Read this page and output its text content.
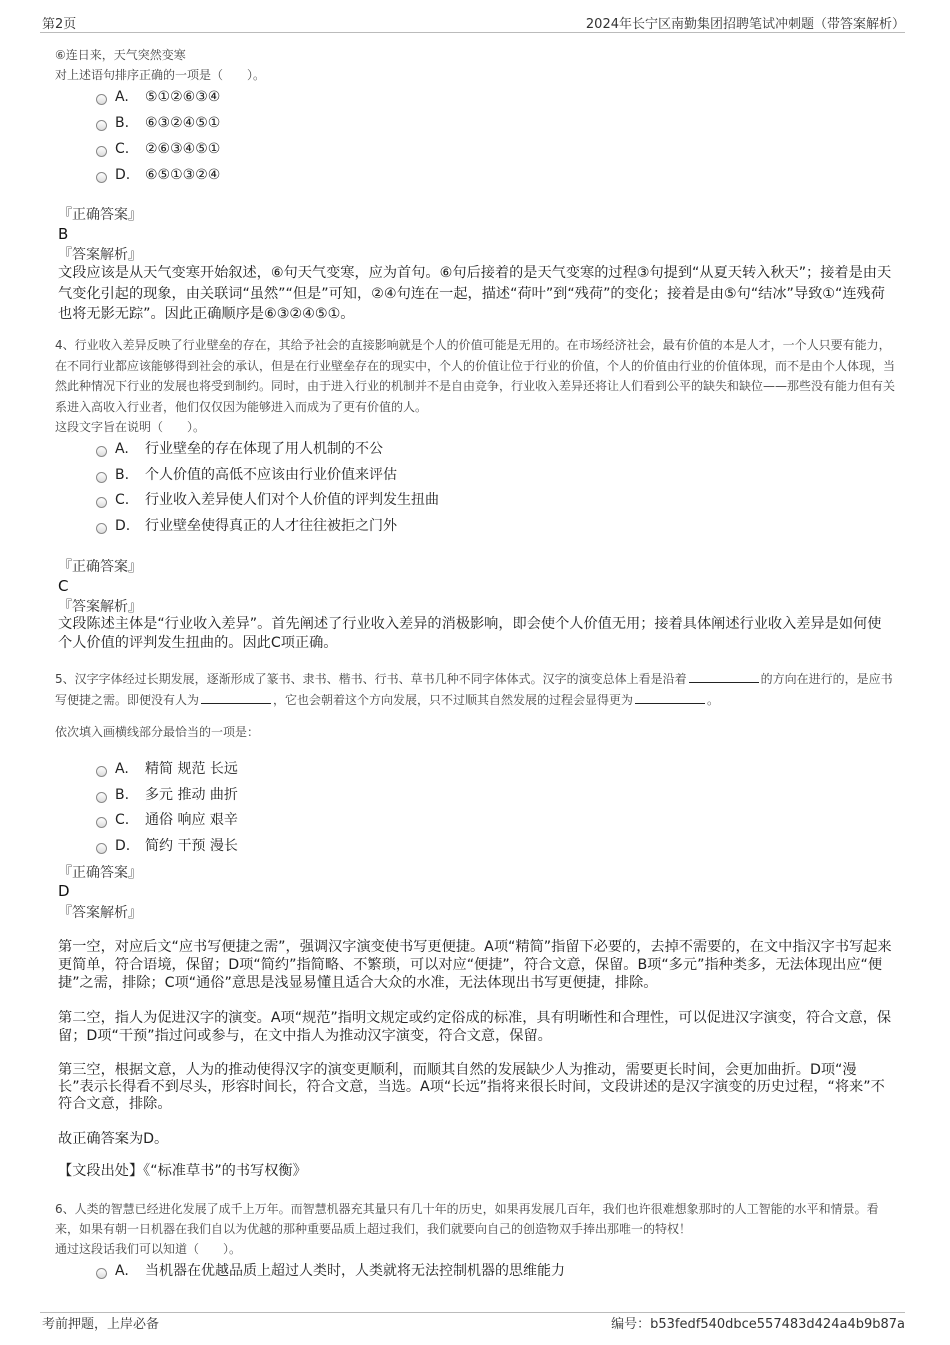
第2页	2024年长宁区南勤集团招聘笔试冲刺题（带答案解析）
⑥连日来，天气突然变寒
对上述语句排序正确的一项是（　　）。
A.	⑤①②⑥③④
B.	⑥③②④⑤①
C.	②⑥③④⑤①
D.	⑥⑤①③②④
『正确答案』
B
『答案解析』
文段应该是从天气变寒开始叙述，⑥句天气变寒，应为首句。⑥句后接着的是天气变寒的过程③句提到“从夏天转入秋天”；接着是由天气变化引起的现象，由关联词“虽然”“但是”可知，②④句连在一起，描述“荷叶”到“残荷”的变化；接着是由⑤句“结冰”导致①“连残荷也将无影无踪”。因此正确顺序是⑥③②④⑤①。
4、行业收入差异反映了行业壁垒的存在，其给予社会的直接影响就是个人的价值可能是无用的。在市场经济社会，最有价值的本是人才，一个人只要有能力，在不同行业都应该能够得到社会的承认，但是在行业壁垒存在的现实中，个人的价值让位于行业的价值，个人的价值由行业的价值体现，而不是由个人体现，当然此种情况下行业的发展也将受到制约。同时，由于进入行业的机制并不是自由竞争，行业收入差异还将让人们看到公平的缺失和缺位——那些没有能力但有关系进入高收入行业者，他们仅仅因为能够进入而成为了更有价值的人。
这段文字旨在说明（　　）。
A.	行业壁垒的存在体现了用人机制的不公
B.	个人价值的高低不应该由行业价值来评估
C.	行业收入差异使人们对个人价值的评判发生扭曲
D.	行业壁垒使得真正的人才往往被拒之门外
『正确答案』
C
『答案解析』
文段陈述主体是“行业收入差异”。首先阐述了行业收入差异的消极影响，即会使个人价值无用；接着具体阐述行业收入差异是如何使个人价值的评判发生扭曲的。因此C项正确。
5、汉字字体经过长期发展，逐渐形成了篆书、隶书、楷书、行书、草书几种不同字体体式。汉字的演变总体上看是沿着	的方向在进行的，是应书写便捷之需。即便没有人为	，它也会朝着这个方向发展，只不过顺其自然发展的过程会显得更为	。
依次填入画横线部分最恰当的一项是：
A.	精简 规范 长远
B.	多元 推动 曲折
C.	通俗 响应 艰辛
D.	简约 干预 漫长
『正确答案』
D
『答案解析』
第一空，对应后文“应书写便捷之需”，强调汉字演变使书写更便捷。A项“精简”指留下必要的，去掉不需要的，在文中指汉字书写起来更简单，符合语境，保留；D项“简约”指简略、不繁琐，可以对应“便捷”，符合文意，保留。B项“多元”指种类多，无法体现出应“便捷”之需，排除；C项“通俗”意思是浅显易懂且适合大众的水准，无法体现出书写更便捷，排除。
第二空，指人为促进汉字的演变。A项“规范”指明文规定或约定俗成的标准，具有明晰性和合理性，可以促进汉字演变，符合文意，保留；D项“干预”指过问或参与，在文中指人为推动汉字演变，符合文意，保留。
第三空，根据文意，人为的推动使得汉字的演变更顺利，而顺其自然的发展缺少人为推动，需要更长时间，会更加曲折。D项“漫长”表示长得看不到尽头，形容时间长，符合文意，当选。A项“长远”指将来很长时间，文段讲述的是汉字演变的历史过程，“将来”不符合文意，排除。
故正确答案为D。
【文段出处】《“标准草书”的书写权衡》
6、人类的智慧已经进化发展了成千上万年。而智慧机器充其量只有几十年的历史，如果再发展几百年，我们也许很难想象那时的人工智能的水平和情景。看来，如果有朝一日机器在我们自以为优越的那种重要品质上超过我们，我们就要向自己的创造物双手捧出那唯一的特权！
通过这段话我们可以知道（　　）。
A.	当机器在优越品质上超过人类时，人类就将无法控制机器的思维能力
考前押题，上岸必备	编号：b53fedf540dbce557483d424a4b9b87a
